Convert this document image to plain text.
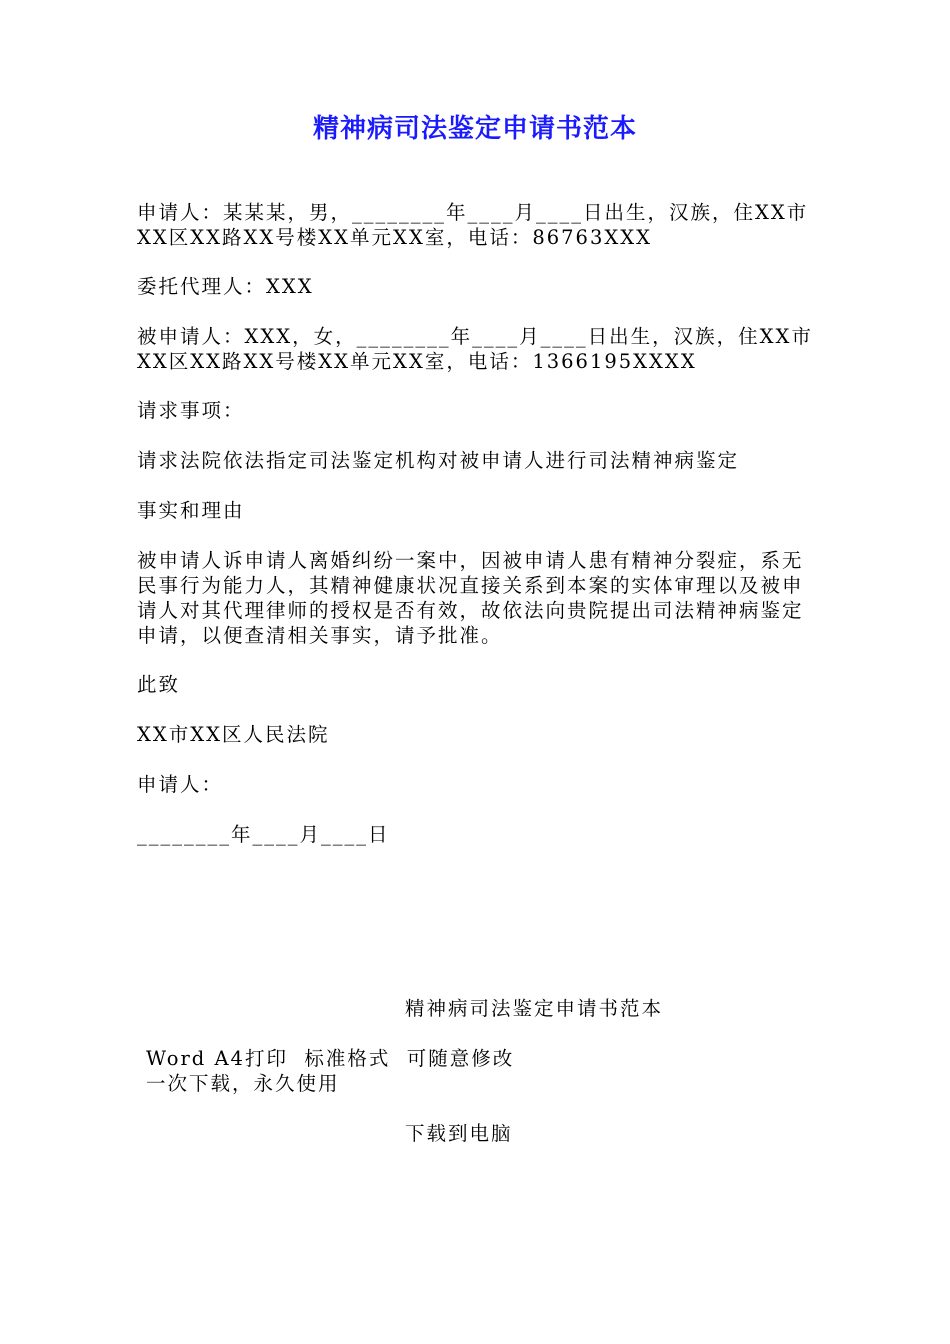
精神病司法鉴定申请书范本
申请人：某某某，男，________年____月____日出生，汉族，住XX市XX区XX路XX号楼XX单元XX室，电话：86763XXX
委托代理人：XXX
被申请人：XXX，女，________年____月____日出生，汉族，住XX市XX区XX路XX号楼XX单元XX室，电话：1366195XXXX
请求事项：
请求法院依法指定司法鉴定机构对被申请人进行司法精神病鉴定
事实和理由
被申请人诉申请人离婚纠纷一案中，因被申请人患有精神分裂症，系无民事行为能力人，其精神健康状况直接关系到本案的实体审理以及被申请人对其代理律师的授权是否有效，故依法向贵院提出司法精神病鉴定申请，以便查清相关事实，请予批准。
此致
XX市XX区人民法院
申请人：
________年____月____日
精神病司法鉴定申请书范本
Word A4打印  标准格式  可随意修改
一次下载，永久使用
下载到电脑
